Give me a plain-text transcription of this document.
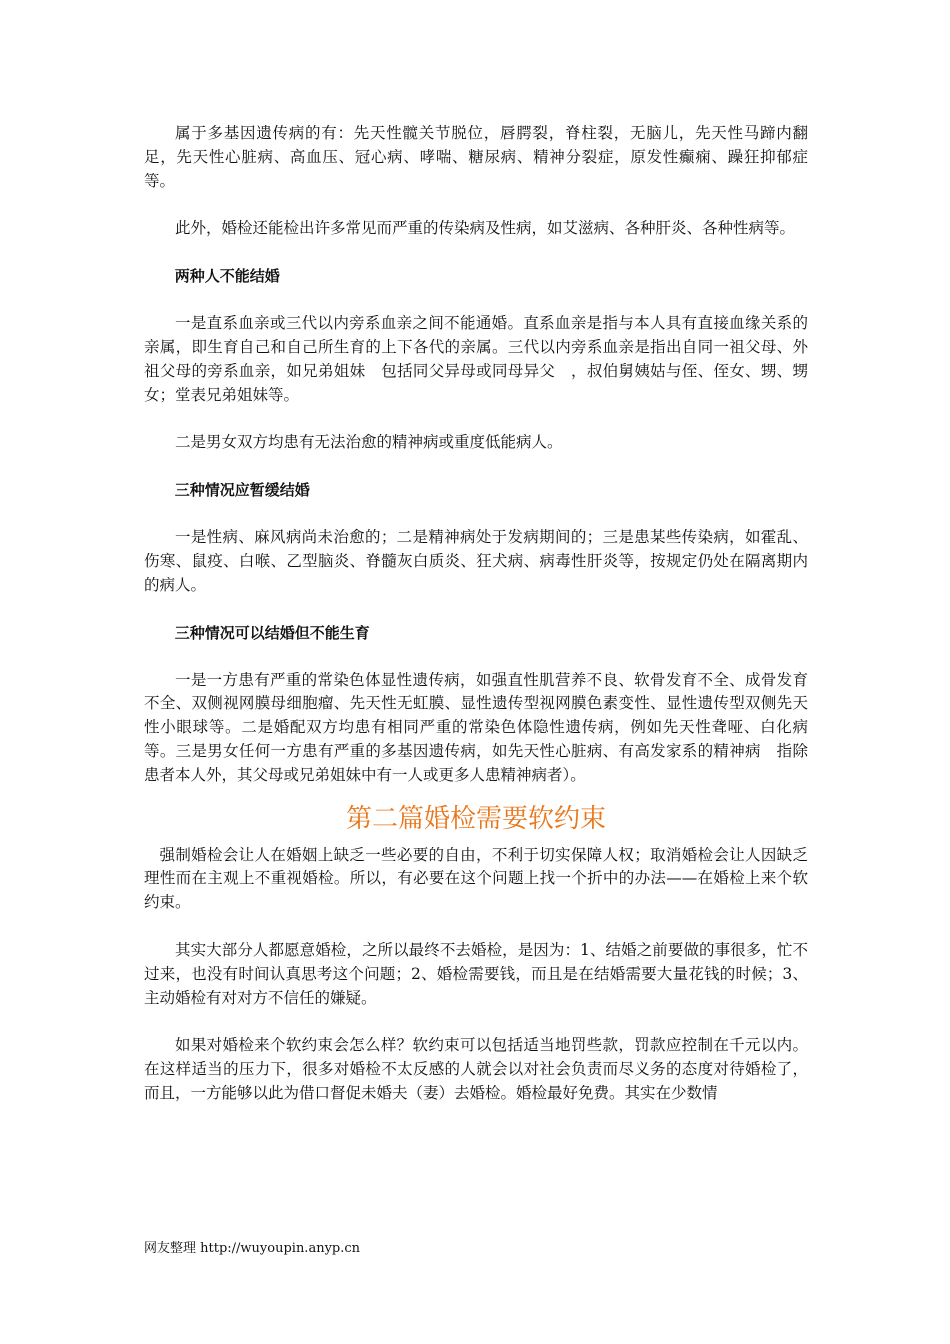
属于多基因遗传病的有：先天性髋关节脱位，唇腭裂，脊柱裂，无脑儿，先天性马蹄内翻足，先天性心脏病、高血压、冠心病、哮喘、糖尿病、精神分裂症，原发性癫痫、躁狂抑郁症等。

此外，婚检还能检出许多常见而严重的传染病及性病，如艾滋病、各种肝炎、各种性病等。

两种人不能结婚

一是直系血亲或三代以内旁系血亲之间不能通婚。直系血亲是指与本人具有直接血缘关系的亲属，即生育自己和自己所生育的上下各代的亲属。三代以内旁系血亲是指出自同一祖父母、外祖父母的旁系血亲，如兄弟姐妹　包括同父异母或同母异父　，叔伯舅姨姑与侄、侄女、甥、甥女；堂表兄弟姐妹等。

二是男女双方均患有无法治愈的精神病或重度低能病人。

三种情况应暂缓结婚

一是性病、麻风病尚未治愈的；二是精神病处于发病期间的；三是患某些传染病，如霍乱、伤寒、鼠疫、白喉、乙型脑炎、脊髓灰白质炎、狂犬病、病毒性肝炎等，按规定仍处在隔离期内的病人。

三种情况可以结婚但不能生育

一是一方患有严重的常染色体显性遗传病，如强直性肌营养不良、软骨发育不全、成骨发育不全、双侧视网膜母细胞瘤、先天性无虹膜、显性遗传型视网膜色素变性、显性遗传型双侧先天性小眼球等。二是婚配双方均患有相同严重的常染色体隐性遗传病，例如先天性聋哑、白化病等。三是男女任何一方患有严重的多基因遗传病，如先天性心脏病、有高发家系的精神病　指除患者本人外，其父母或兄弟姐妹中有一人或更多人患精神病者）。

第二篇婚检需要软约束

强制婚检会让人在婚姻上缺乏一些必要的自由，不利于切实保障人权；取消婚检会让人因缺乏理性而在主观上不重视婚检。所以，有必要在这个问题上找一个折中的办法——在婚检上来个软约束。

其实大部分人都愿意婚检，之所以最终不去婚检，是因为：1、结婚之前要做的事很多，忙不过来，也没有时间认真思考这个问题；2、婚检需要钱，而且是在结婚需要大量花钱的时候；3、主动婚检有对对方不信任的嫌疑。

如果对婚检来个软约束会怎么样？软约束可以包括适当地罚些款，罚款应控制在千元以内。在这样适当的压力下，很多对婚检不太反感的人就会以对社会负责而尽义务的态度对待婚检了，而且，一方能够以此为借口督促未婚夫（妻）去婚检。婚检最好免费。其实在少数情

网友整理 http://wuyoupin.anyp.cn
